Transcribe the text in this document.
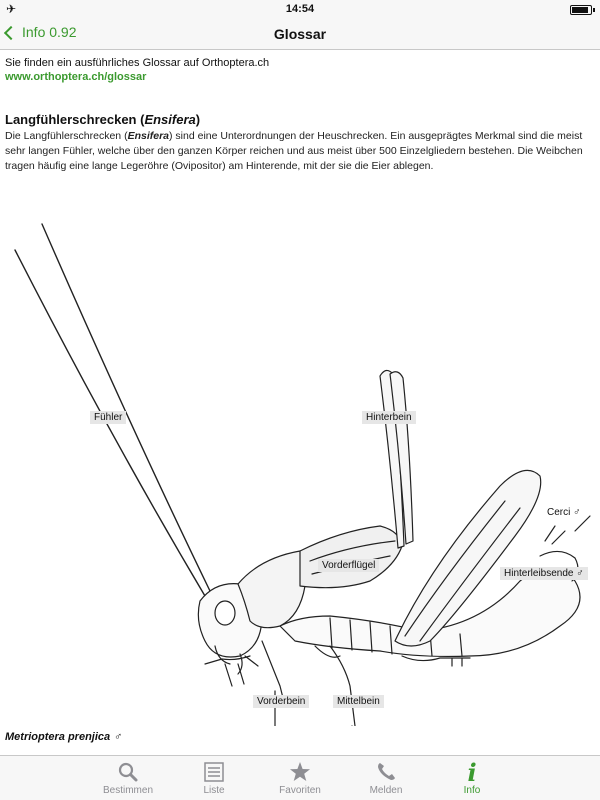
✈	14:54
Info 0.92	Glossar
Sie finden ein ausführliches Glossar auf Orthoptera.ch
www.orthoptera.ch/glossar
Langfühlerschrecken (Ensifera)
Die Langfühlerschrecken (Ensifera) sind eine Unterordnungen der Heuschrecken. Ein ausgeprägtes Merkmal sind die meist sehr langen Fühler, welche über den ganzen Körper reichen und aus meist über 500 Einzelgliedern bestehen. Die Weibchen tragen häufig eine lange Legeröhre (Ovipositor) am Hinterende, mit der sie die Eier ablegen.
Fühler	Hinterbein
Cerci ♂
Vorderflügel
Hinterleibsende ♂
Vorderbein	Mittelbein
Metrioptera prenjica ♂
Bestimmen	Liste	Favoriten	Melden
i
Info
